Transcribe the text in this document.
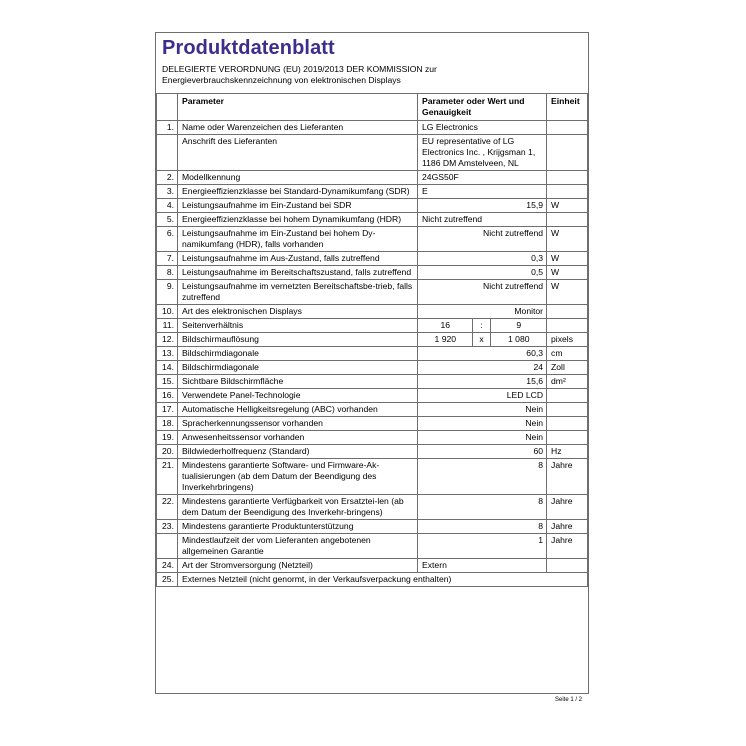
Produktdatenblatt
DELEGIERTE VERORDNUNG (EU) 2019/2013 DER KOMMISSION zur
Energieverbrauchskennzeichnung von elektronischen Displays
	Parameter	Parameter oder Wert und Genauigkeit			Einheit
1.	Name oder Warenzeichen des Lieferanten	LG Electronics			
	Anschrift des Lieferanten	EU representative of LG Electronics Inc. , Krijgsman 1, 1186 DM Amstelveen, NL			
2.	Modellkennung	24GS50F			
3.	Energieeffizienzklasse bei Standard-Dynamikumfang (SDR)	E			
4.	Leistungsaufnahme im Ein-Zustand bei SDR	15,9			W
5.	Energieeffizienzklasse bei hohem Dynamikumfang (HDR)	Nicht zutreffend			
6.	Leistungsaufnahme im Ein-Zustand bei hohem Dy-namikumfang (HDR), falls vorhanden	Nicht zutreffend			W
7.	Leistungsaufnahme im Aus-Zustand, falls zutreffend	0,3			W
8.	Leistungsaufnahme im Bereitschaftszustand, falls zutreffend	0,5			W
9.	Leistungsaufnahme im vernetzten Bereitschaftsbe-trieb, falls zutreffend	Nicht zutreffend			W
10.	Art des elektronischen Displays	Monitor			
11.	Seitenverhältnis	16	:	9	
12.	Bildschirmauflösung	1 920	x	1 080	pixels
13.	Bildschirmdiagonale	60,3			cm
14.	Bildschirmdiagonale	24			Zoll
15.	Sichtbare Bildschirmfläche	15,6			dm²
16.	Verwendete Panel-Technologie	LED LCD			
17.	Automatische Helligkeitsregelung (ABC) vorhanden	Nein			
18.	Spracherkennungssensor vorhanden	Nein			
19.	Anwesenheitssensor vorhanden	Nein			
20.	Bildwiederholfrequenz (Standard)	60			Hz
21.	Mindestens garantierte Software- und Firmware-Ak-tualisierungen (ab dem Datum der Beendigung des Inverkehrbringens)	8			Jahre
22.	Mindestens garantierte Verfügbarkeit von Ersatztei-len (ab dem Datum der Beendigung des Inverkehr-bringens)	8			Jahre
23.	Mindestens garantierte Produktunterstützung	8			Jahre
	Mindestlaufzeit der vom Lieferanten angebotenen allgemeinen Garantie	1			Jahre
24.	Art der Stromversorgung (Netzteil)	Extern			
25.	Externes Netzteil (nicht genormt, in der Verkaufsverpackung enthalten)				
Seite 1 / 2
